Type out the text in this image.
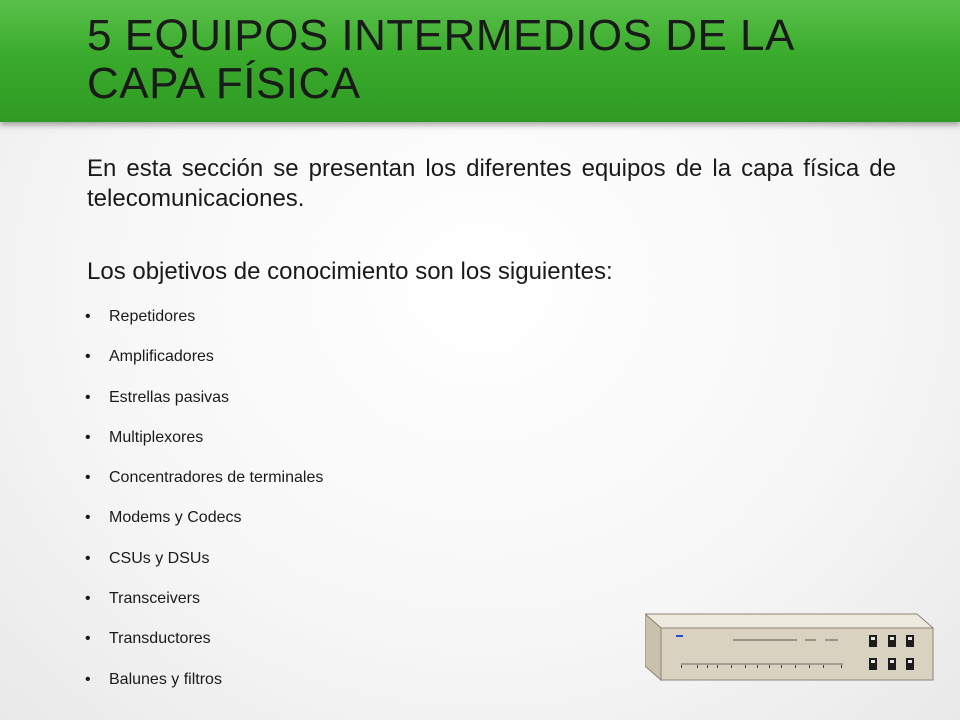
5 EQUIPOS INTERMEDIOS DE LA CAPA FÍSICA
En esta sección se presentan los diferentes equipos de la capa física de telecomunicaciones.
Los objetivos de conocimiento son los siguientes:
•	Repetidores
•	Amplificadores
•	Estrellas pasivas
•	Multiplexores
•	Concentradores de terminales
•	Modems y Codecs
•	CSUs y DSUs
•	Transceivers
•	Transductores
•	Balunes y filtros
